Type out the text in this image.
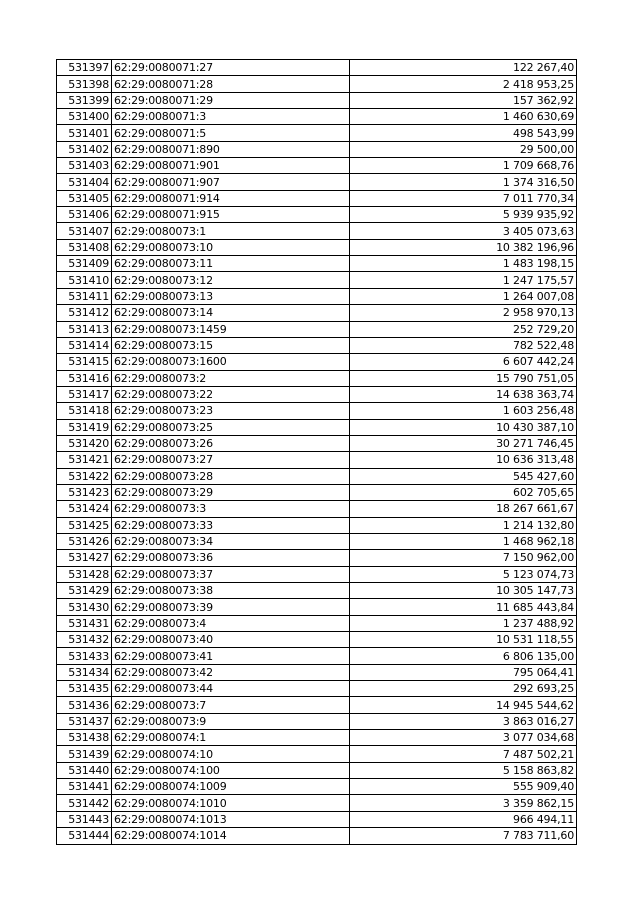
531397	62:29:0080071:27	122 267,40
531398	62:29:0080071:28	2 418 953,25
531399	62:29:0080071:29	157 362,92
531400	62:29:0080071:3	1 460 630,69
531401	62:29:0080071:5	498 543,99
531402	62:29:0080071:890	29 500,00
531403	62:29:0080071:901	1 709 668,76
531404	62:29:0080071:907	1 374 316,50
531405	62:29:0080071:914	7 011 770,34
531406	62:29:0080071:915	5 939 935,92
531407	62:29:0080073:1	3 405 073,63
531408	62:29:0080073:10	10 382 196,96
531409	62:29:0080073:11	1 483 198,15
531410	62:29:0080073:12	1 247 175,57
531411	62:29:0080073:13	1 264 007,08
531412	62:29:0080073:14	2 958 970,13
531413	62:29:0080073:1459	252 729,20
531414	62:29:0080073:15	782 522,48
531415	62:29:0080073:1600	6 607 442,24
531416	62:29:0080073:2	15 790 751,05
531417	62:29:0080073:22	14 638 363,74
531418	62:29:0080073:23	1 603 256,48
531419	62:29:0080073:25	10 430 387,10
531420	62:29:0080073:26	30 271 746,45
531421	62:29:0080073:27	10 636 313,48
531422	62:29:0080073:28	545 427,60
531423	62:29:0080073:29	602 705,65
531424	62:29:0080073:3	18 267 661,67
531425	62:29:0080073:33	1 214 132,80
531426	62:29:0080073:34	1 468 962,18
531427	62:29:0080073:36	7 150 962,00
531428	62:29:0080073:37	5 123 074,73
531429	62:29:0080073:38	10 305 147,73
531430	62:29:0080073:39	11 685 443,84
531431	62:29:0080073:4	1 237 488,92
531432	62:29:0080073:40	10 531 118,55
531433	62:29:0080073:41	6 806 135,00
531434	62:29:0080073:42	795 064,41
531435	62:29:0080073:44	292 693,25
531436	62:29:0080073:7	14 945 544,62
531437	62:29:0080073:9	3 863 016,27
531438	62:29:0080074:1	3 077 034,68
531439	62:29:0080074:10	7 487 502,21
531440	62:29:0080074:100	5 158 863,82
531441	62:29:0080074:1009	555 909,40
531442	62:29:0080074:1010	3 359 862,15
531443	62:29:0080074:1013	966 494,11
531444	62:29:0080074:1014	7 783 711,60
